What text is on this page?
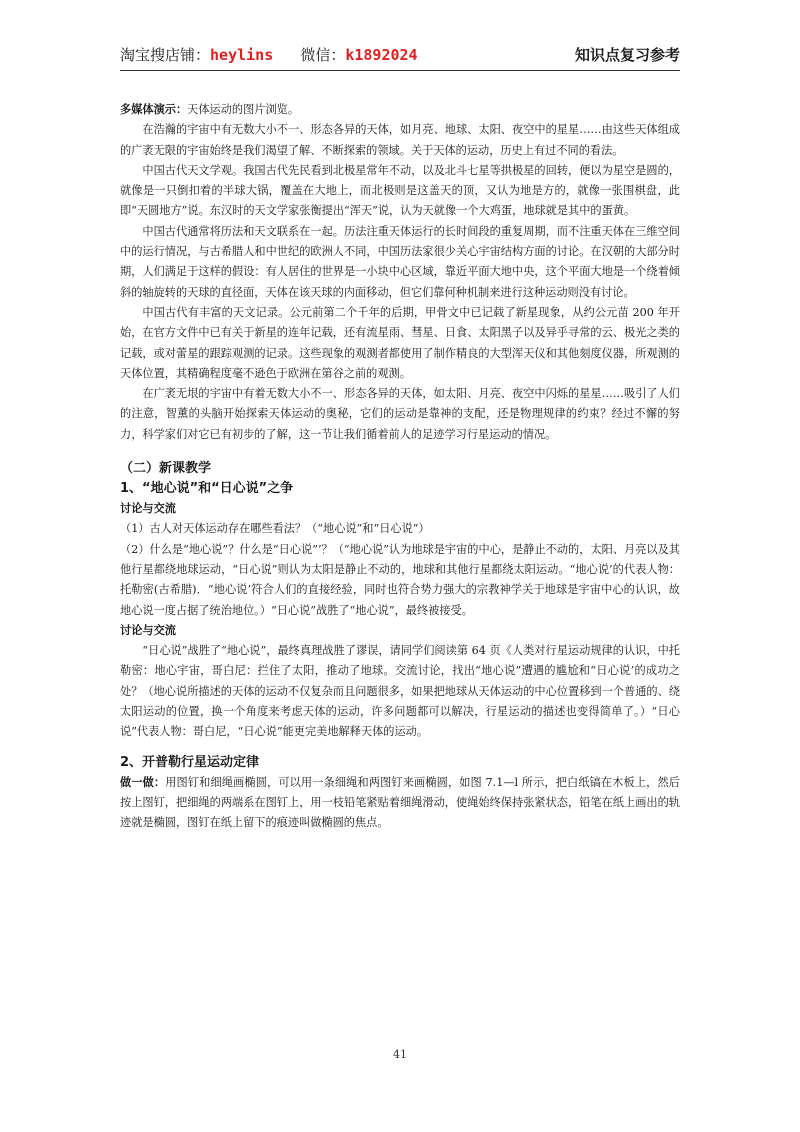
淘宝搜店铺：heylins 微信：k1892024	知识点复习参考

多媒体演示：天体运动的图片浏览。

在浩瀚的宇宙中有无数大小不一、形态各异的天体，如月亮、地球、太阳、夜空中的星星……由这些天体组成的广袤无限的宇宙始终是我们渴望了解、不断探索的领域。关于天体的运动，历史上有过不同的看法。

中国古代天文学观。我国古代先民看到北极星常年不动，以及北斗七星等拱极星的回转，便以为星空是圆的，就像是一只倒扣着的半球大锅，覆盖在大地上，而北极则是这盖天的顶，又认为地是方的，就像一张围棋盘，此即“天圆地方”说。东汉时的天文学家张衡提出“浑天”说，认为天就像一个大鸡蛋，地球就是其中的蛋黄。

中国古代通常将历法和天文联系在一起。历法注重天体运行的长时间段的重复周期，而不注重天体在三维空间中的运行情况，与古希腊人和中世纪的欧洲人不同，中国历法家很少关心宇宙结构方面的讨论。在汉朝的大部分时期，人们满足于这样的假设：有人居住的世界是一小块中心区域，靠近平面大地中央，这个平面大地是一个绕着倾斜的轴旋转的天球的直径面，天体在该天球的内面移动，但它们靠何种机制来进行这种运动则没有讨论。

中国古代有丰富的天文记录。公元前第二个千年的后期，甲骨文中已记载了新星现象，从约公元苗 200 年开始，在官方文件中已有关于新星的连年记载，还有流星雨、彗星、日食、太阳黑子以及异乎寻常的云、极光之类的记载，或对蕾星的跟踪观测的记录。这些现象的观测者都使用了制作精良的大型浑天仪和其他刻度仪器，所观测的天体位置，其精确程度毫不逊色于欧洲在第谷之前的观测。

在广袤无垠的宇宙中有着无数大小不一、形态各异的天体，如太阳、月亮、夜空中闪烁的星星……吸引了人们的注意，智薰的头脑开始探索天体运动的奥秘，它们的运动是靠神的支配，还是物理规律的约束？经过不懈的努力，科学家们对它已有初步的了解，这一节让我们循着前人的足迹学习行星运动的情况。

（二）新课教学

1、“地心说”和“日心说”之争

讨论与交流

（1）古人对天体运动存在哪些看法？（“地心说”和“日心说”）

（2）什么是“地心说”？什么是“日心说”’？（“地心说”认为地球是宇宙的中心，是静止不动的，太阳、月亮以及其他行星都绕地球运动，“日心说”则认为太阳是静止不动的，地球和其他行星都绕太阳运动。“地心说’的代表人物：托勒密(古希腊)．“地心说’符合人们的直接经验，同时也符合势力强大的宗教神学关于地球是宇宙中心的认识，故地心说一度占据了统治地位。）“日心说”战胜了“地心说”，最终被接受。

讨论与交流

“日心说”战胜了“地心说”，最终真理战胜了谬误，请同学们阅读第 64 页《人类对行星运动规律的认识，中托勒密：地心宇宙，哥白尼：拦住了太阳，推动了地球。交流讨论，找出“地心说”遭遇的尴尬和“日心说’的成功之处？（地心说所描述的天体的运动不仅复杂而且问题很多，如果把地球从天体运动的中心位置移到一个普通的、绕太阳运动的位置，换一个角度来考虑天体的运动，许多问题都可以解决，行星运动的描述也变得简单了。）“日心说”代表人物：哥白尼，“日心说”能更完美地解释天体的运动。

2、开普勒行星运动定律

做一做：用图钉和细绳画椭圆，可以用一条细绳和两图钉来画椭圆，如图 7.1—l 所示，把白纸镐在木板上，然后按上图钉，把细绳的两端系在图钉上，用一枝铅笔紧贴着细绳滑动，使绳始终保持张紧状态，铅笔在纸上画出的轨迹就是椭圆，图钉在纸上留下的痕迹叫做椭圆的焦点。

41
